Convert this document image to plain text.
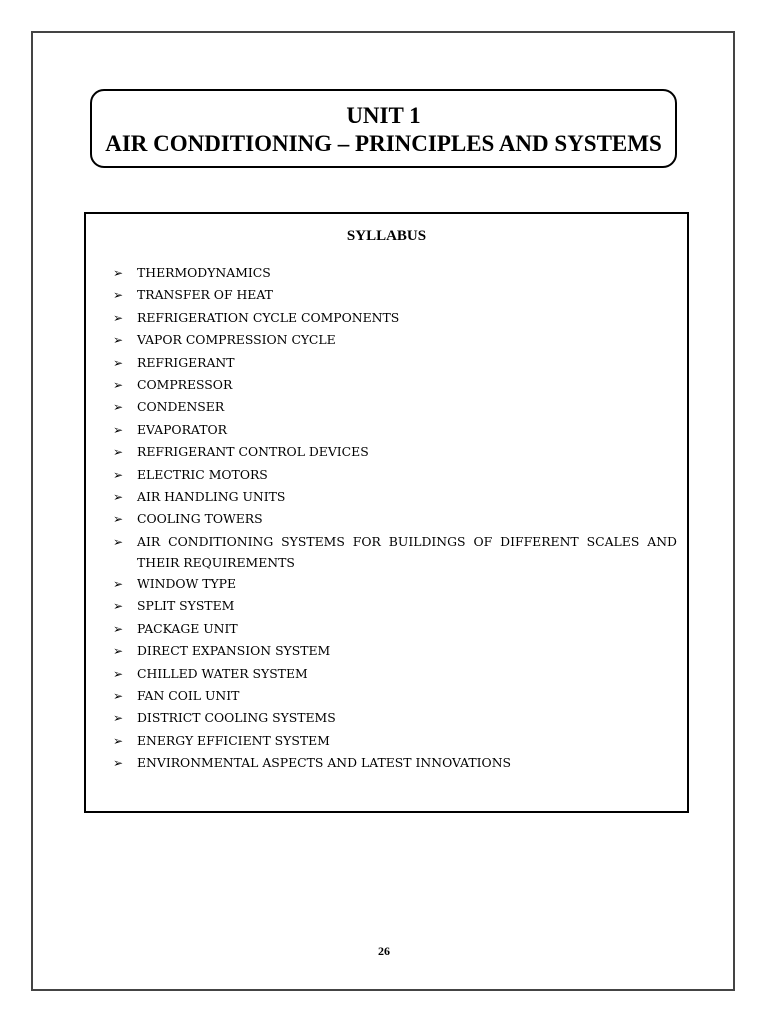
UNIT 1
AIR CONDITIONING – PRINCIPLES AND SYSTEMS
SYLLABUS
➢	THERMODYNAMICS
➢	TRANSFER OF HEAT
➢	REFRIGERATION CYCLE COMPONENTS
➢	VAPOR COMPRESSION CYCLE
➢	REFRIGERANT
➢	COMPRESSOR
➢	CONDENSER
➢	EVAPORATOR
➢	REFRIGERANT CONTROL DEVICES
➢	ELECTRIC MOTORS
➢	AIR HANDLING UNITS
➢	COOLING TOWERS
➢	AIR CONDITIONING SYSTEMS FOR BUILDINGS OF DIFFERENT SCALES AND THEIR REQUIREMENTS
➢	WINDOW TYPE
➢	SPLIT SYSTEM
➢	PACKAGE UNIT
➢	DIRECT EXPANSION SYSTEM
➢	CHILLED WATER SYSTEM
➢	FAN COIL UNIT
➢	DISTRICT COOLING SYSTEMS
➢	ENERGY EFFICIENT SYSTEM
➢	ENVIRONMENTAL ASPECTS AND LATEST INNOVATIONS
26
